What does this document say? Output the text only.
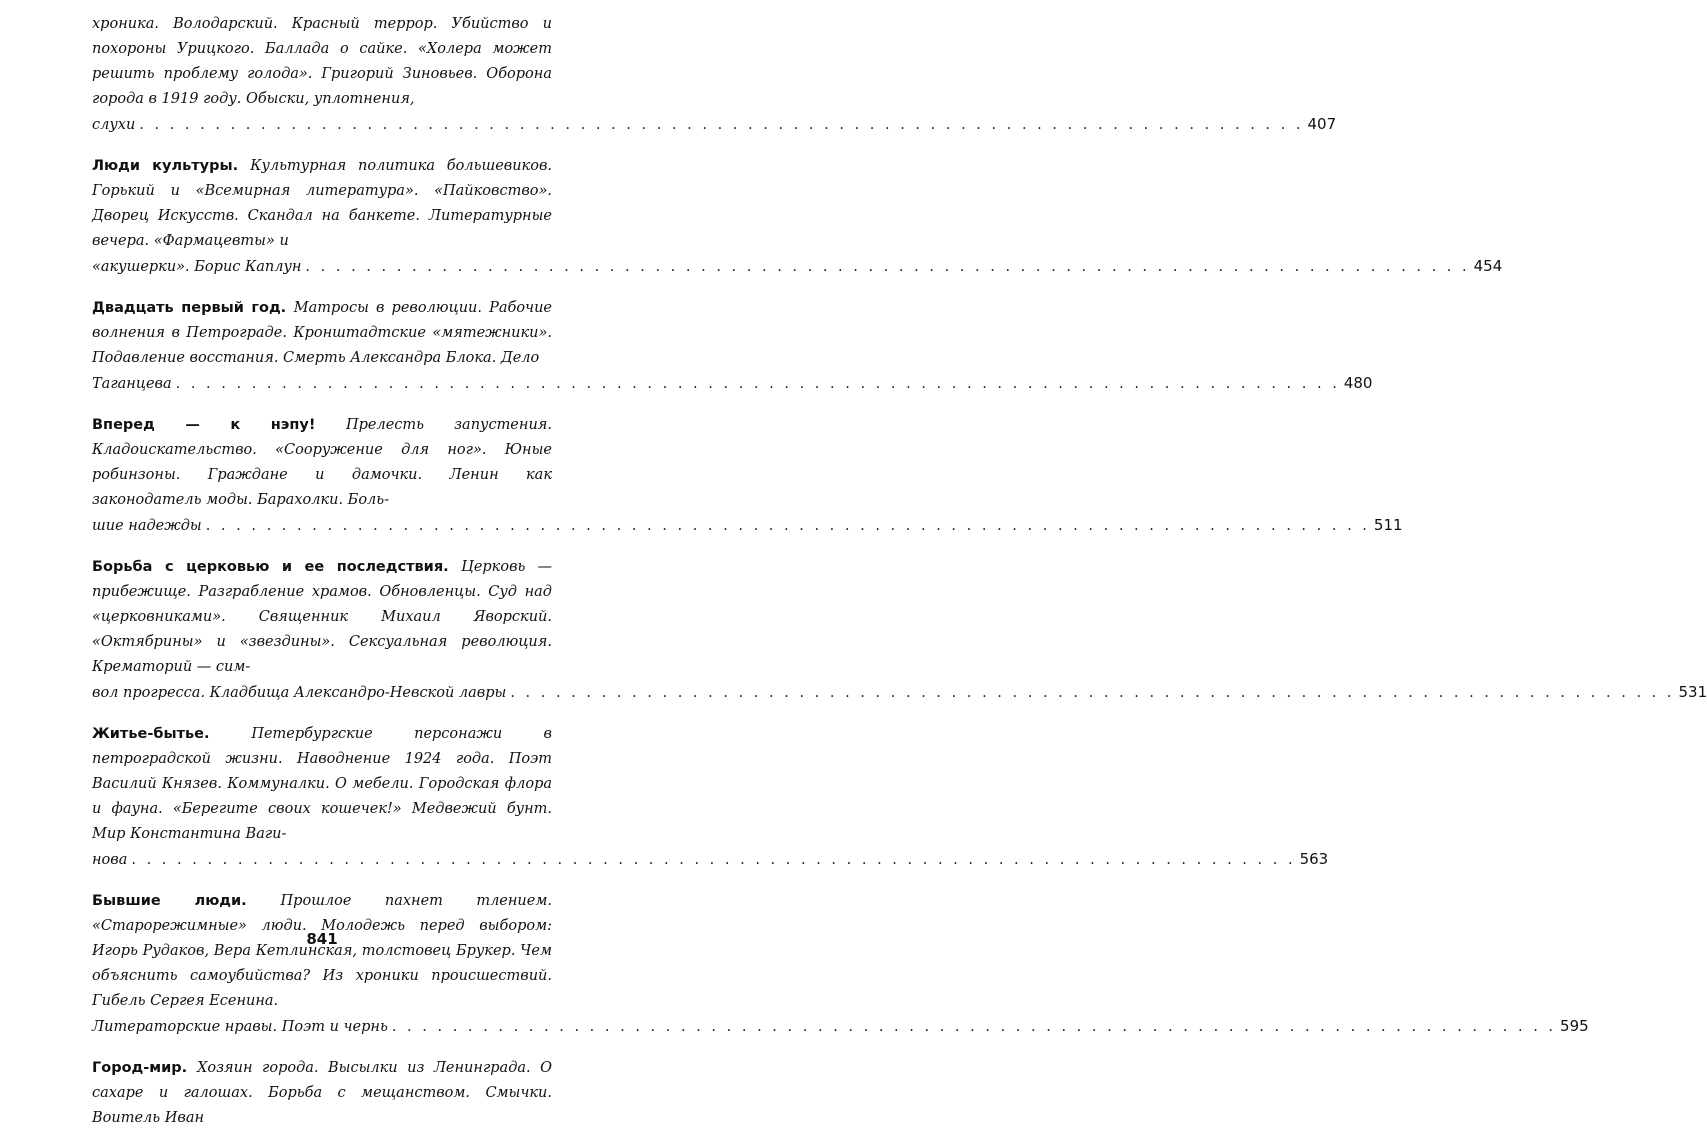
хроника. Володарский. Красный террор. Убийство и похороны Урицкого. Баллада о сайке. «Холера может решить проблему голода». Григорий Зиновьев. Оборона города в 1919 году. Обыски, уплотнения,
слухи . . . . . . . . . . . . . . . . . . . . . . . . . . . . . . . . . . . . . . . . . . . . . . . . . . . . . . . . . . . . . . . . . . . . . . . . . . . . . 407
Люди культуры. Культурная политика большевиков. Горький и «Всемирная литература». «Пайковство». Дворец Искусств. Скандал на банкете. Литературные вечера. «Фармацевты» и
«акушерки». Борис Каплун . . . . . . . . . . . . . . . . . . . . . . . . . . . . . . . . . . . . . . . . . . . . . . . . . . . . . . . . . . . . . . . . . . . . . . . . . . . . . 454
Двадцать первый год. Матросы в революции. Рабочие волнения в Петрограде. Кронштадтские «мятежники». Подавление восстания. Смерть Александра Блока. Дело
Таганцева . . . . . . . . . . . . . . . . . . . . . . . . . . . . . . . . . . . . . . . . . . . . . . . . . . . . . . . . . . . . . . . . . . . . . . . . . . . . . 480
Вперед — к нэпу! Прелесть запустения. Кладоискательство. «Сооружение для ног». Юные робинзоны. Граждане и дамочки. Ленин как законодатель моды. Барахолки. Боль-
шие надежды . . . . . . . . . . . . . . . . . . . . . . . . . . . . . . . . . . . . . . . . . . . . . . . . . . . . . . . . . . . . . . . . . . . . . . . . . . . . . 511
Борьба с церковью и ее последствия. Церковь — прибежище. Разграбление храмов. Обновленцы. Суд над «церковниками». Священник Михаил Яворский. «Октябрины» и «звездины». Сексуальная революция. Крематорий — сим-
вол прогресса. Кладбища Александро-Невской лавры . . . . . . . . . . . . . . . . . . . . . . . . . . . . . . . . . . . . . . . . . . . . . . . . . . . . . . . . . . . . . . . . . . . . . . . . . . . . . 531
Житье-бытье. Петербургские персонажи в петроградской жизни. Наводнение 1924 года. Поэт Василий Князев. Коммуналки. О мебели. Городская флора и фауна. «Берегите своих кошечек!» Медвежий бунт. Мир Константина Ваги-
нова . . . . . . . . . . . . . . . . . . . . . . . . . . . . . . . . . . . . . . . . . . . . . . . . . . . . . . . . . . . . . . . . . . . . . . . . . . . . . 563
Бывшие люди. Прошлое пахнет тлением. «Старорежимные» люди. Молодежь перед выбором: Игорь Рудаков, Вера Кетлинская, толстовец Брукер. Чем объяснить самоубийства? Из хроники происшествий. Гибель Сергея Есенина.
Литераторские нравы. Поэт и чернь . . . . . . . . . . . . . . . . . . . . . . . . . . . . . . . . . . . . . . . . . . . . . . . . . . . . . . . . . . . . . . . . . . . . . . . . . . . . . 595
Город-мир. Хозяин города. Высылки из Ленинграда. О сахаре и галошах. Борьба с мещанством. Смычки. Воитель Иван
841
